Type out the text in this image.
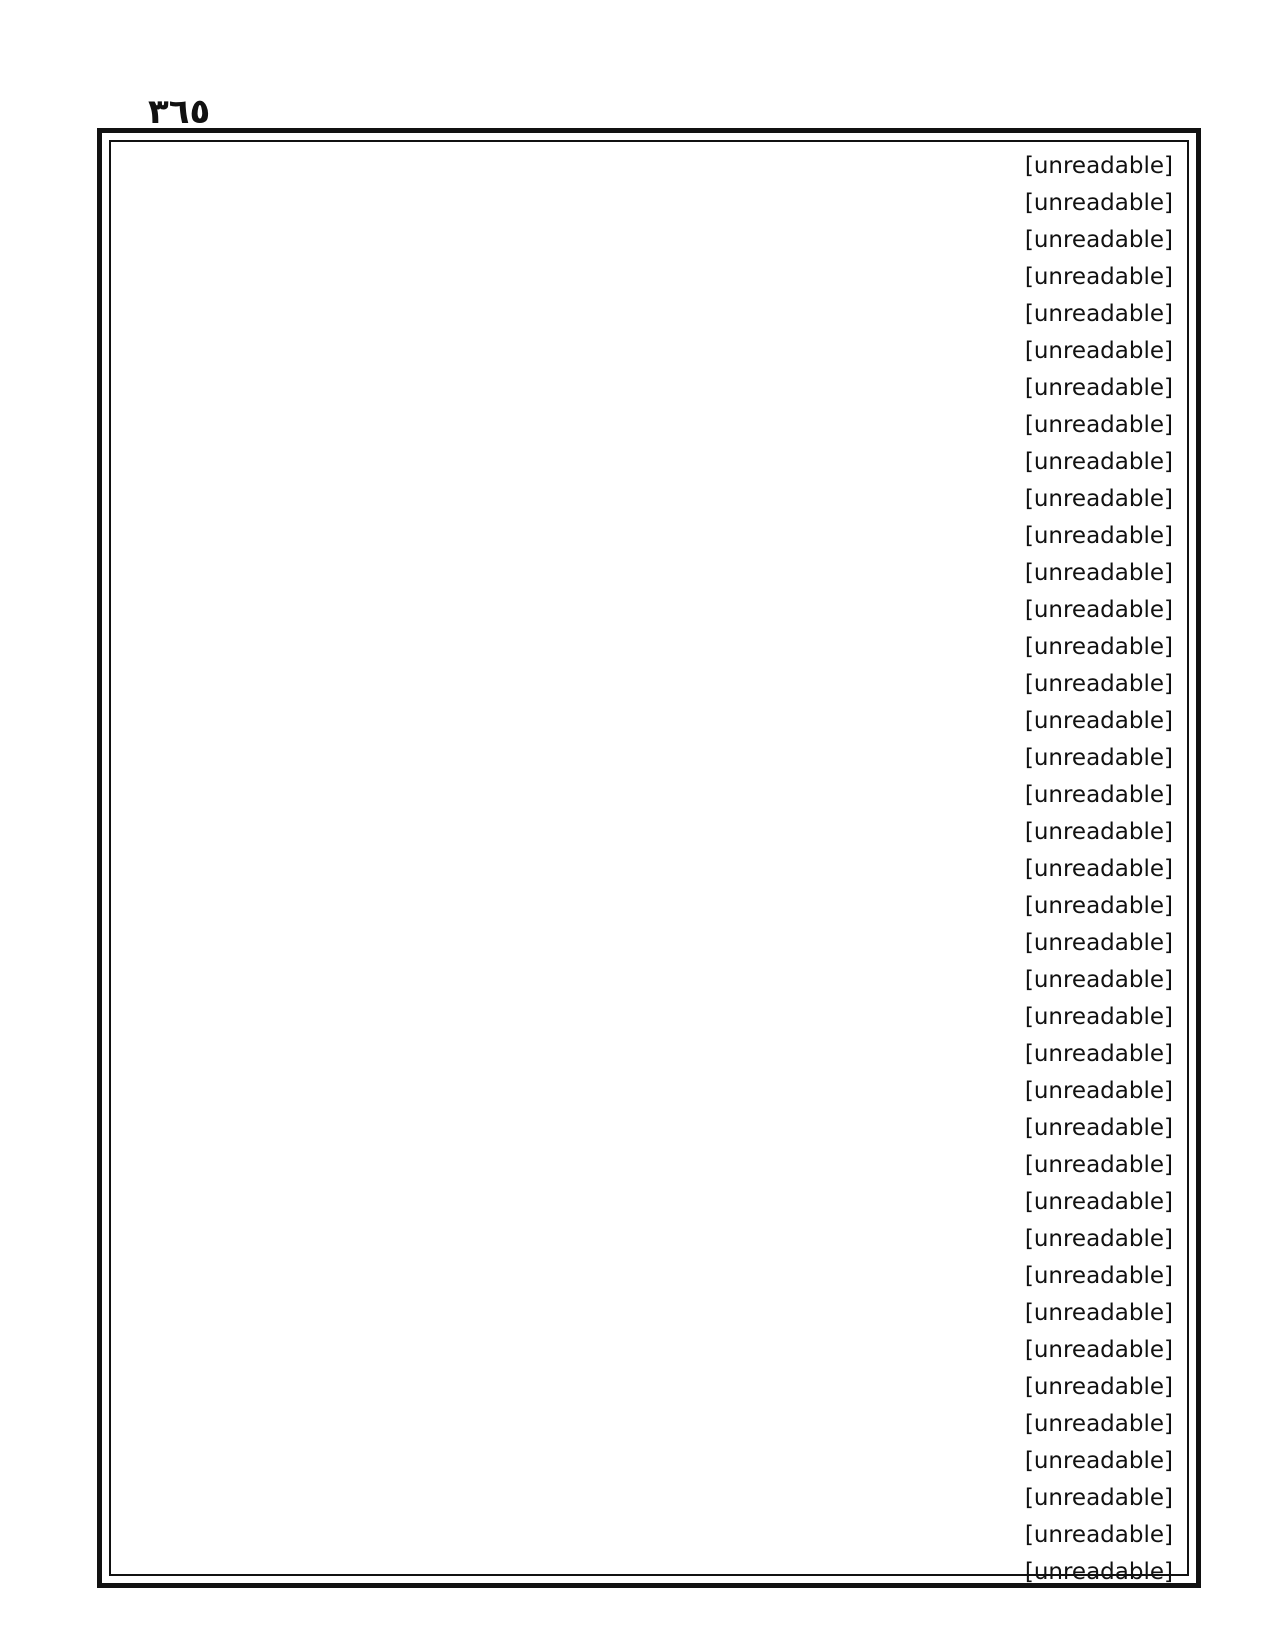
٣٦٥
[unreadable]
[unreadable]
[unreadable]
[unreadable]
[unreadable]
[unreadable]
[unreadable]
[unreadable]
[unreadable]
[unreadable]
[unreadable]
[unreadable]
[unreadable]
[unreadable]
[unreadable]
[unreadable]
[unreadable]
[unreadable]
[unreadable]
[unreadable]
[unreadable]
[unreadable]
[unreadable]
[unreadable]
[unreadable]
[unreadable]
[unreadable]
[unreadable]
[unreadable]
[unreadable]
[unreadable]
[unreadable]
[unreadable]
[unreadable]
[unreadable]
[unreadable]
[unreadable]
[unreadable]
[unreadable]
